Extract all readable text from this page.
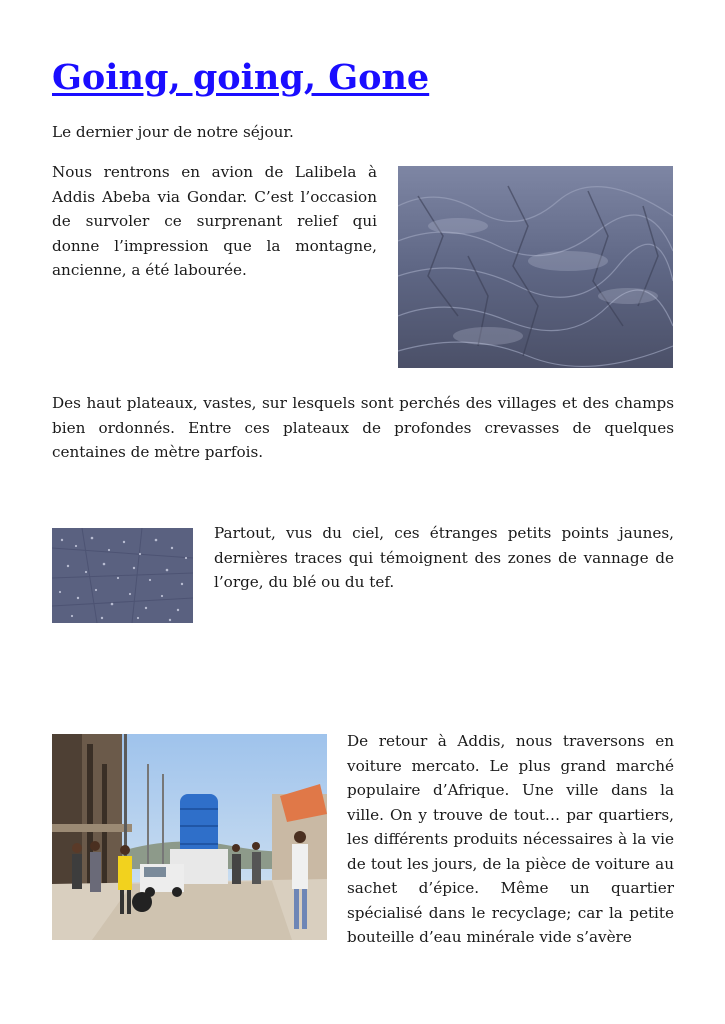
Going, going, Gone

Le dernier jour de notre séjour.

Nous rentrons en avion de Lalibela à Addis Abeba via Gondar. C’est l’occasion de survoler ce surprenant relief qui donne l’impression que la montagne, ancienne, a été labourée.

Des haut plateaux, vastes, sur lesquels sont perchés des villages et des champs bien ordonnés. Entre ces plateaux de profondes crevasses de quelques centaines de mètre parfois.

Partout, vus du ciel, ces étranges petits points jaunes, dernières traces qui témoignent des zones de vannage de l’orge, du blé ou du tef.

De retour à Addis, nous traversons en voiture mercato. Le plus grand marché populaire d’Afrique. Une ville dans la ville. On y trouve de tout… par quartiers, les différents produits nécessaires à la vie de tout les jours, de la pièce de voiture au sachet d’épice. Même un quartier spécialisé dans le recyclage; car la petite bouteille d’eau minérale vide s’avère
